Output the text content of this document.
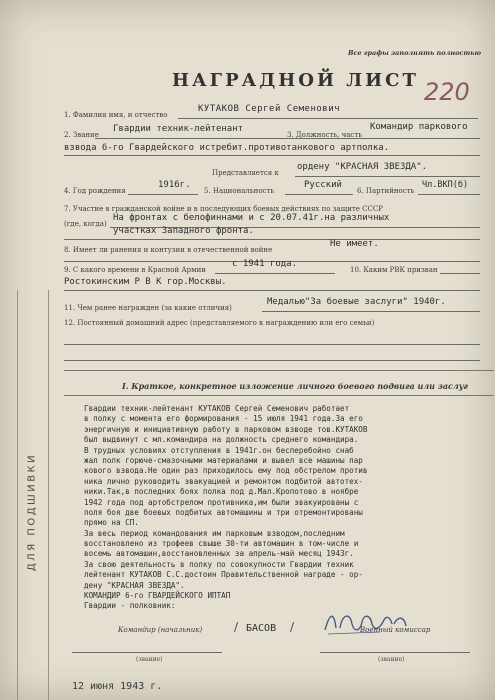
Все графы заполнять полностью
НАГРАДНОЙ ЛИСТ 220
1. Фамилия имя, и отчество
КУТАКОВ Сергей Семенович
2. Звание
Гвардии техник-лейтенант
3. Должность, часть
Командир паркового
взвода 6-го Гвардейского истребит.противотанкового артполка.
Представляется к
ордену "КРАСНАЯ ЗВЕЗДА".
4. Год рождения
1916г.
5. Национальность
Русский
6. Партийность
Чл.ВКП(б)
7. Участие в гражданской войне и в последующих боевых действиях по защите СССР
(где, когда)
На фронтах с белофиннами и с 20.07.41г.на различных
участках Западного фронта.
8. Имеет ли ранения и контузии в отечественной войне
Не имеет.
9. С какого времени в Красной Армии
с 1941 года.
10. Каким РВК призван
Ростокинским Р В К гор.Москвы.
11. Чем ранее награжден (за какие отличия)
Медалью"За боевые заслуги" 1940г.
12. Постоянный домашний адрес (представляемого к награждению или его семьи)
ДЛЯ ПОДШИВКИ
I. Краткое, конкретное изложение личного боевого подвига или заслуг
Гвардии техник-лейтенант КУТАКОВ Сергей Семенович работает
в полку с момента его формирования - 15 июля 1941 года.За его
энергичную и инициативную работу в парковом взводе тов.КУТАКОВ
был выдвинут с мл.командира на должность среднего командира.
В трудных условиях отступления в 1941г.он бесперебойно снаб
жал полк горюче-смазочными материалами и вывел все машины пар
кового взвода.Не один раз приходилось ему под обстрелом против
ника лично руководить эвакуацией и ремонтом подбитой автотех-
ники.Так,в последних боях полка под д.Мал.Кропотово в ноябре
1942 года под артобстрелом противника,им были эвакуированы с
поля боя две боевых подбитых автомашины и три отремонтированы
прямо на СП.
За весь период командования им парковым взводом,последним
восстановлено из трофеев свыше 30-ти автомашин в том-числе и
восемь автомашин,восстановленных за апрель-май месяц 1943г.
За свою деятельность в полку по совокупности Гвардии техник
лейтенант КУТАКОВ С.С.достоин Правительственной награде - ор-
дену "КРАСНАЯ ЗВЕЗДА".
КОМАНДИР 6-го ГВАРДЕЙСКОГО ИПТАП
Гвардии - полковник:
Командир (начальник)	/ БАСОВ /	Военный комиссар
(звание)	(звание)
12 июня 1943 г.
